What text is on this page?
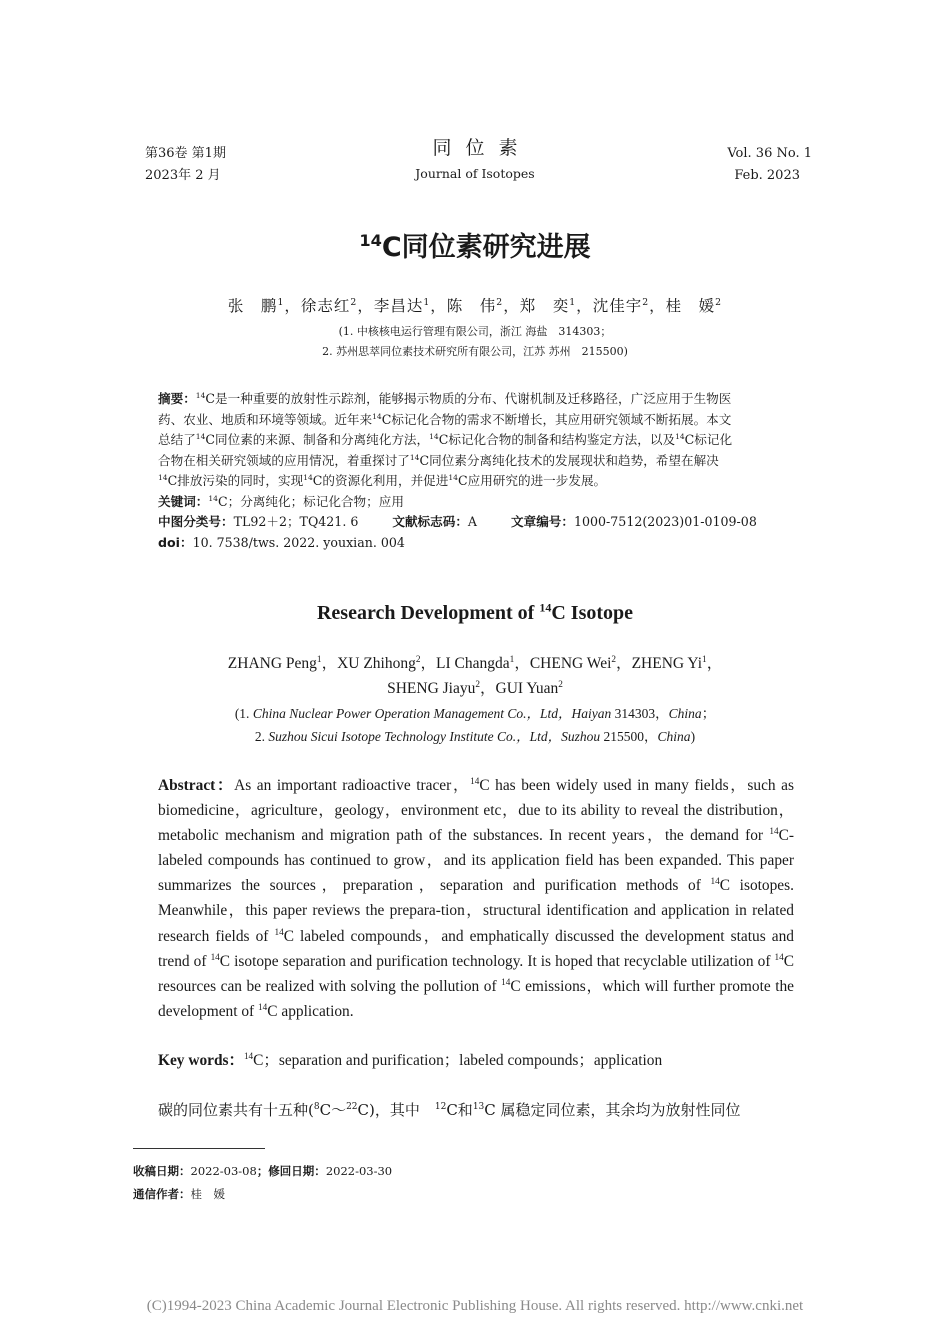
第36卷 第1期
2023年 2 月
同位素
Journal of Isotopes
Vol. 36 No. 1
Feb. 2023
$^{14}$C同位素研究进展
张　鹏$^1$，徐志红$^2$，李昌达$^1$，陈　伟$^2$，郑　奕$^1$，沈佳宇$^2$，桂　媛$^2$
(1. 中核核电运行管理有限公司，浙江 海盐　314303；
2. 苏州思萃同位素技术研究所有限公司，江苏 苏州　215500)
摘要：$^{14}$C是一种重要的放射性示踪剂，能够揭示物质的分布、代谢机制及迁移路径，广泛应用于生物医
药、农业、地质和环境等领域。近年来$^{14}$C标记化合物的需求不断增长，其应用研究领域不断拓展。本文
总结了$^{14}$C同位素的来源、制备和分离纯化方法，$^{14}$C标记化合物的制备和结构鉴定方法，以及$^{14}$C标记化
合物在相关研究领域的应用情况，着重探讨了$^{14}$C同位素分离纯化技术的发展现状和趋势，希望在解决
$^{14}$C排放污染的同时，实现$^{14}$C的资源化利用，并促进$^{14}$C应用研究的进一步发展。
关键词：$^{14}$C；分离纯化；标记化合物；应用
中图分类号：TL92＋2；TQ421. 6	文献标志码：A	文章编号：1000-7512(2023)01-0109-08
doi：10. 7538/tws. 2022. youxian. 004
Research Development of $^{14}$C Isotope
ZHANG Peng$^1$，XU Zhihong$^2$，LI Changda$^1$，CHENG Wei$^2$，ZHENG Yi$^1$，
SHENG Jiayu$^2$，GUI Yuan$^2$
(1. China Nuclear Power Operation Management Co.，Ltd，Haiyan 314303，China；
2. Suzhou Sicui Isotope Technology Institute Co.，Ltd，Suzhou 215500，China)
Abstract：As an important radioactive tracer，$^{14}$C has been widely used in many fields，such as biomedicine，agriculture，geology，environment etc，due to its ability to reveal the distribution，metabolic mechanism and migration path of the substances. In recent years，the demand for $^{14}$C-labeled compounds has continued to grow，and its application field has been expanded. This paper summarizes the sources，preparation，separation and purification methods of $^{14}$C isotopes. Meanwhile，this paper reviews the prepara-tion，structural identification and application in related research fields of $^{14}$C labeled compounds，and emphatically discussed the development status and trend of $^{14}$C isotope separation and purification technology. It is hoped that recyclable utilization of $^{14}$C resources can be realized with solving the pollution of $^{14}$C emissions，which will further promote the development of $^{14}$C application.
Key words：$^{14}$C；separation and purification；labeled compounds；application
碳的同位素共有十五种($^8$C～$^{22}$C)，其中　$^{12}$C和$^{13}$C 属稳定同位素，其余均为放射性同位
收稿日期：2022-03-08；修回日期：2022-03-30
通信作者：桂　媛
(C)1994-2023 China Academic Journal Electronic Publishing House. All rights reserved. http://www.cnki.net
